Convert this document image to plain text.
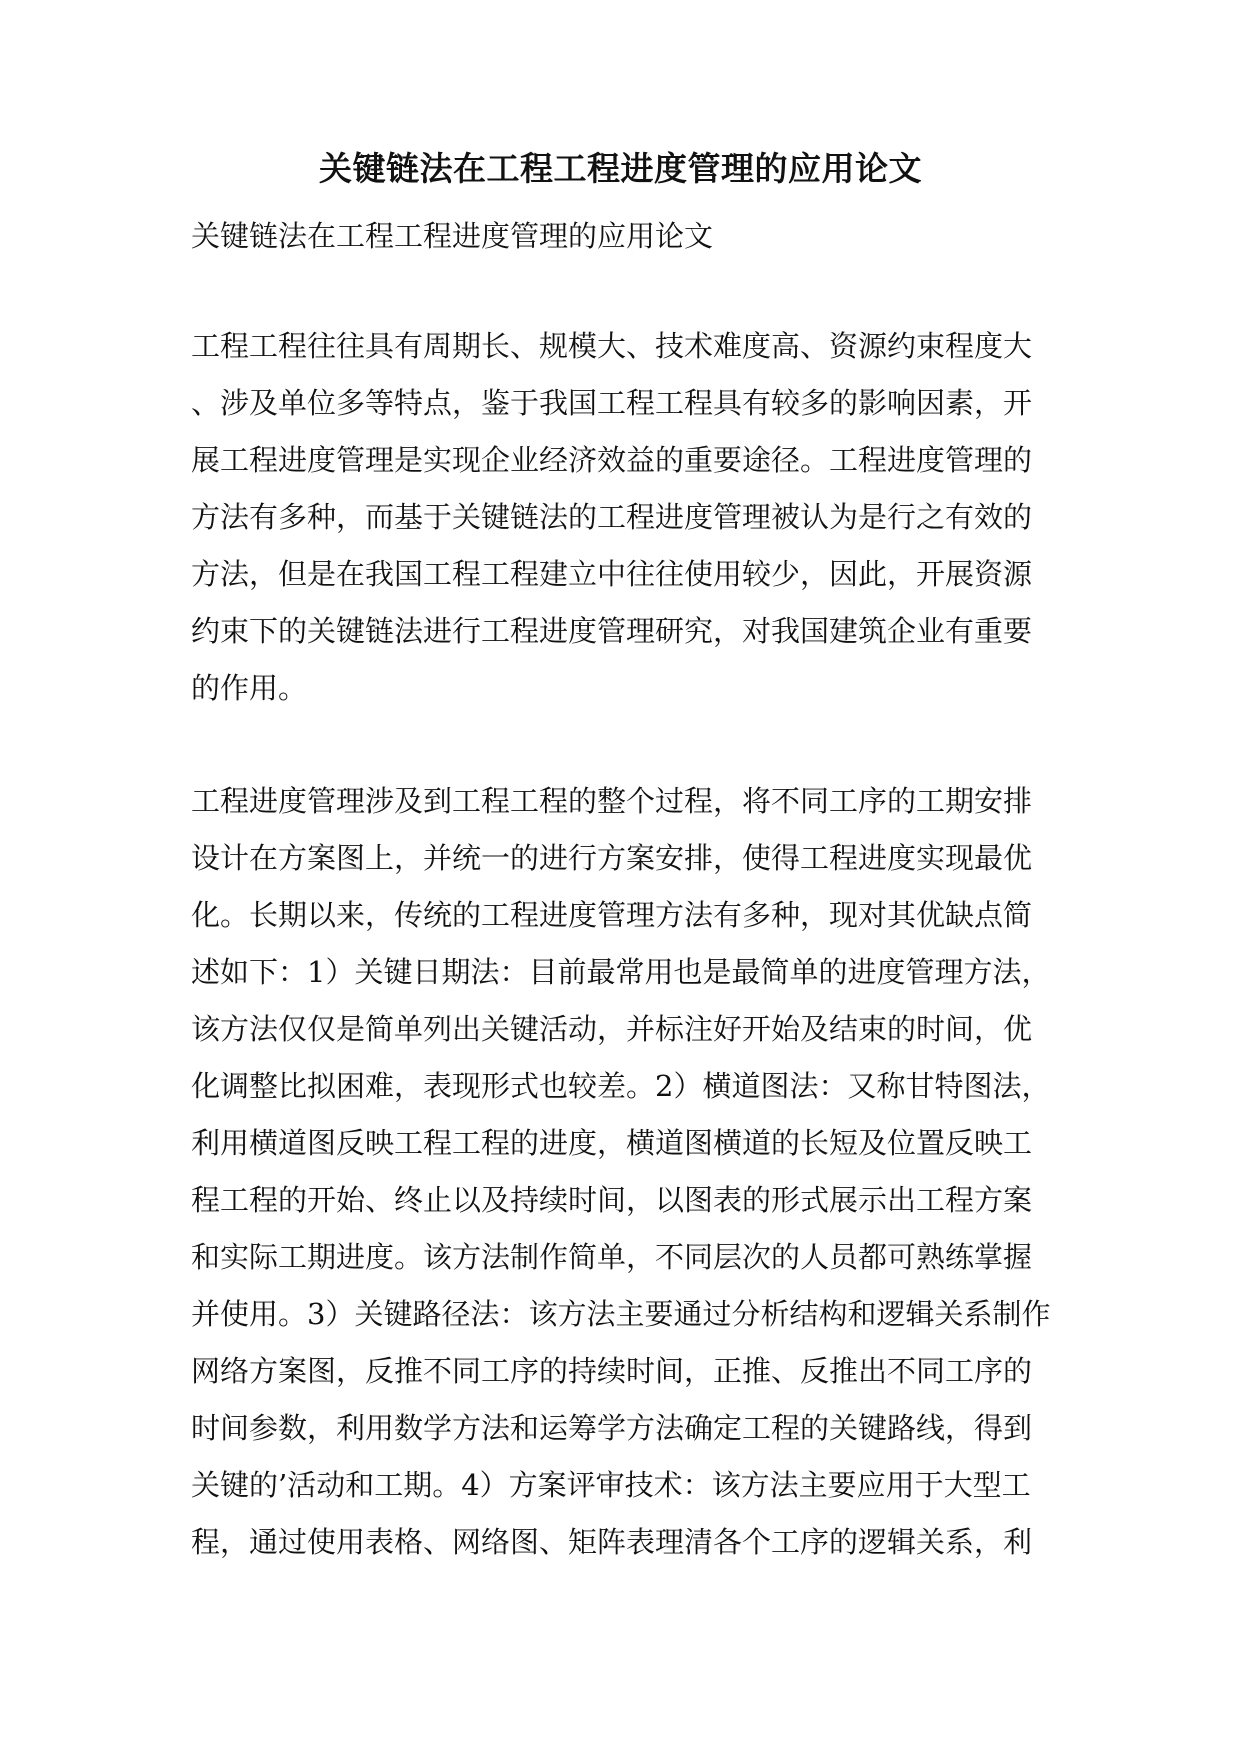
关键链法在工程工程进度管理的应用论文
关键链法在工程工程进度管理的应用论文
工程工程往往具有周期长、规模大、技术难度高、资源约束程度大
、涉及单位多等特点，鉴于我国工程工程具有较多的影响因素，开
展工程进度管理是实现企业经济效益的重要途径。工程进度管理的
方法有多种，而基于关键链法的工程进度管理被认为是行之有效的
方法，但是在我国工程工程建立中往往使用较少，因此，开展资源
约束下的关键链法进行工程进度管理研究，对我国建筑企业有重要
的作用。
工程进度管理涉及到工程工程的整个过程，将不同工序的工期安排
设计在方案图上，并统一的进行方案安排，使得工程进度实现最优
化。长期以来，传统的工程进度管理方法有多种，现对其优缺点简
述如下：1）关键日期法：目前最常用也是最简单的进度管理方法，
该方法仅仅是简单列出关键活动，并标注好开始及结束的时间，优
化调整比拟困难，表现形式也较差。2）横道图法：又称甘特图法，
利用横道图反映工程工程的进度，横道图横道的长短及位置反映工
程工程的开始、终止以及持续时间，以图表的形式展示出工程方案
和实际工期进度。该方法制作简单，不同层次的人员都可熟练掌握
并使用。3）关键路径法：该方法主要通过分析结构和逻辑关系制作
网络方案图，反推不同工序的持续时间，正推、反推出不同工序的
时间参数，利用数学方法和运筹学方法确定工程的关键路线，得到
关键的’活动和工期。4）方案评审技术：该方法主要应用于大型工
程，通过使用表格、网络图、矩阵表理清各个工序的逻辑关系，利
